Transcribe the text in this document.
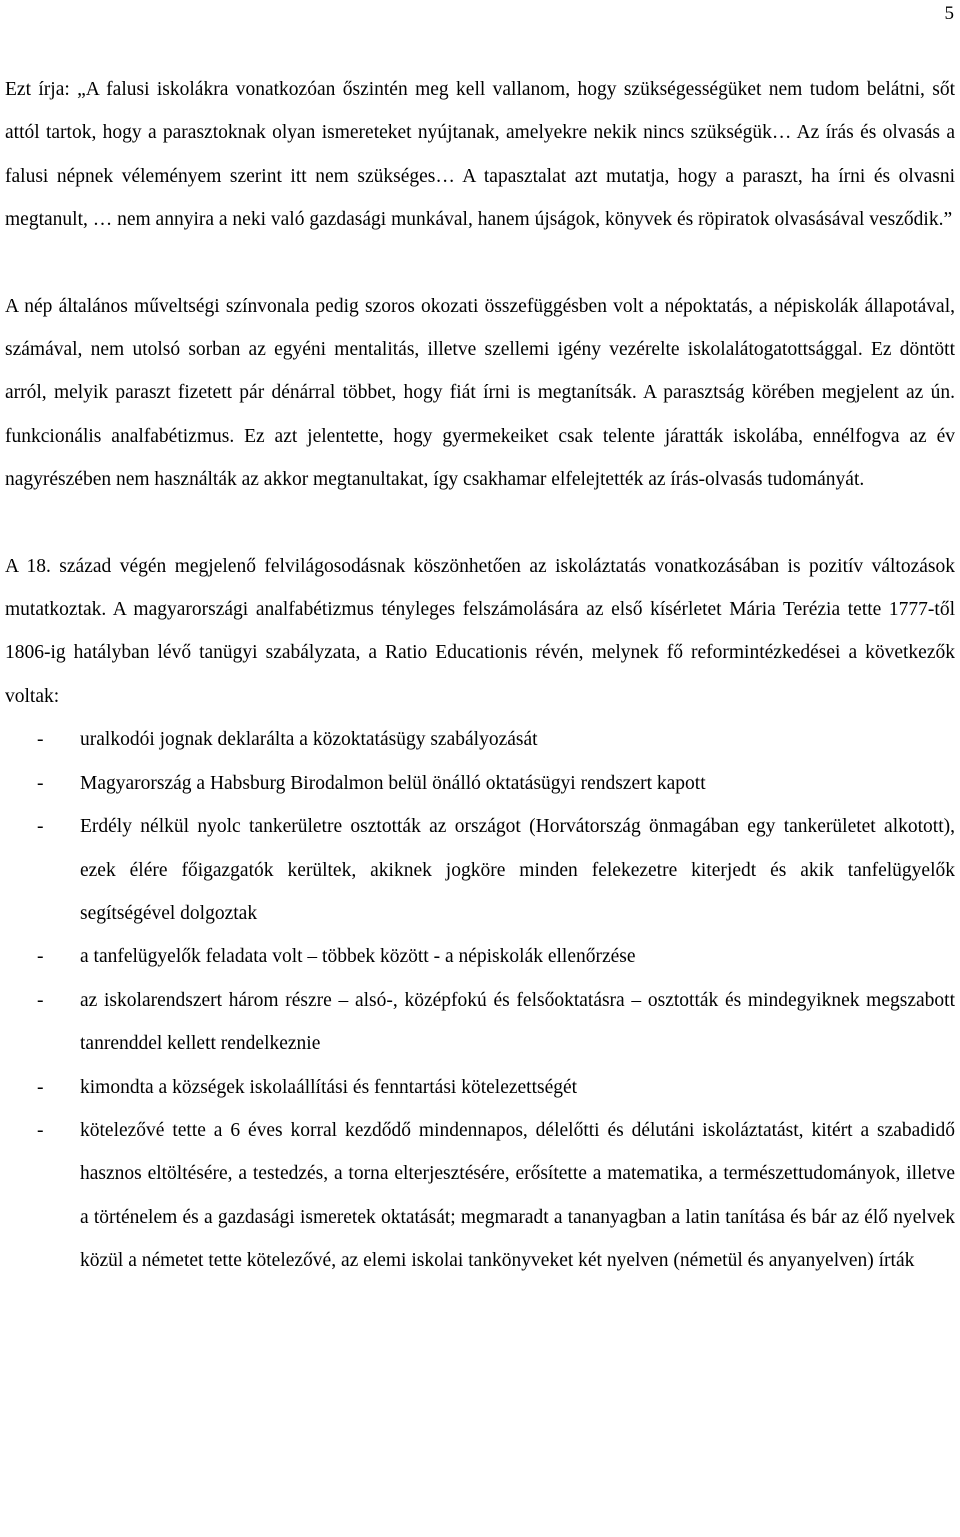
5

Ezt írja: „A falusi iskolákra vonatkozóan őszintén meg kell vallanom, hogy szükségességüket nem tudom belátni, sőt attól tartok, hogy a parasztoknak olyan ismereteket nyújtanak, amelyekre nekik nincs szükségük… Az írás és olvasás a falusi népnek véleményem szerint itt nem szükséges… A tapasztalat azt mutatja, hogy a paraszt, ha írni és olvasni megtanult, … nem annyira a neki való gazdasági munkával, hanem újságok, könyvek és röpiratok olvasásával vesződik.”

A nép általános műveltségi színvonala pedig szoros okozati összefüggésben volt a népoktatás, a népiskolák állapotával, számával, nem utolsó sorban az egyéni mentalitás, illetve szellemi igény vezérelte iskolalátogatottsággal. Ez döntött arról, melyik paraszt fizetett pár dénárral többet, hogy fiát írni is megtanítsák. A parasztság körében megjelent az ún. funkcionális analfabétizmus. Ez azt jelentette, hogy gyermekeiket csak telente járatták iskolába, ennélfogva az év nagyrészében nem használták az akkor megtanultakat, így csakhamar elfelejtették az írás-olvasás tudományát.

A 18. század végén megjelenő felvilágosodásnak köszönhetően az iskoláztatás vonatkozásában is pozitív változások mutatkoztak. A magyarországi analfabétizmus tényleges felszámolására az első kísérletet Mária Terézia tette 1777-től 1806-ig hatályban lévő tanügyi szabályzata, a Ratio Educationis révén, melynek fő reformintézkedései a következők voltak:

- uralkodói jognak deklarálta a közoktatásügy szabályozását
- Magyarország a Habsburg Birodalmon belül önálló oktatásügyi rendszert kapott
- Erdély nélkül nyolc tankerületre osztották az országot (Horvátország önmagában egy tankerületet alkotott), ezek élére főigazgatók kerültek, akiknek jogköre minden felekezetre kiterjedt és akik tanfelügyelők segítségével dolgoztak
- a tanfelügyelők feladata volt – többek között - a népiskolák ellenőrzése
- az iskolarendszert három részre – alsó-, középfokú és felsőoktatásra – osztották és mindegyiknek megszabott tanrenddel kellett rendelkeznie
- kimondta a községek iskolaállítási és fenntartási kötelezettségét
- kötelezővé tette a 6 éves korral kezdődő mindennapos, délelőtti és délutáni iskoláztatást, kitért a szabadidő hasznos eltöltésére, a testedzés, a torna elterjesztésére, erősítette a matematika, a természettudományok, illetve a történelem és a gazdasági ismeretek oktatását; megmaradt a tananyagban a latin tanítása és bár az élő nyelvek közül a németet tette kötelezővé, az elemi iskolai tankönyveket két nyelven (németül és anyanyelven) írták
